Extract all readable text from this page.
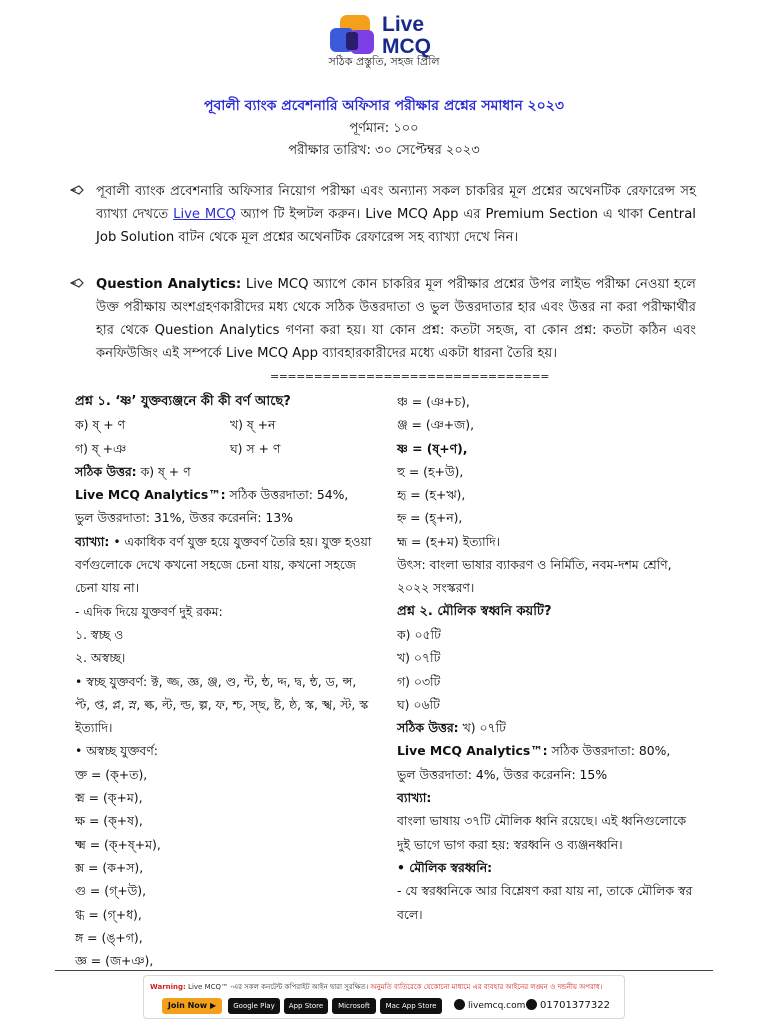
Live
MCQ
সঠিক প্রস্তুতি, সহজ প্রিলি
পূবালী ব্যাংক প্রবেশনারি অফিসার পরীক্ষার প্রশ্নের সমাধান ২০২৩
পূর্ণমান: ১০০
পরীক্ষার তারিখ: ৩০ সেপ্টেম্বর ২০২৩
পূবালী ব্যাংক প্রবেশনারি অফিসার নিয়োগ পরীক্ষা এবং অন্যান্য সকল চাকরির মূল প্রশ্নের অথেনটিক রেফারেন্স সহ ব্যাখ্যা দেখতে Live MCQ অ্যাপ টি ইন্সটল করুন। Live MCQ App এর Premium Section এ থাকা Central Job Solution বাটন থেকে মূল প্রশ্নের অথেনটিক রেফারেন্স সহ ব্যাখ্যা দেখে নিন।
Question Analytics: Live MCQ অ্যাপে কোন চাকরির মূল পরীক্ষার প্রশ্নের উপর লাইভ পরীক্ষা নেওয়া হলে উক্ত পরীক্ষায় অংশগ্রহণকারীদের মধ্য থেকে সঠিক উত্তরদাতা ও ভুল উত্তরদাতার হার এবং উত্তর না করা পরীক্ষার্থীর হার থেকে Question Analytics গণনা করা হয়। যা কোন প্রশ্ন: কতটা সহজ, বা কোন প্রশ্ন: কতটা কঠিন এবং কনফিউজিং এই সম্পর্কে Live MCQ App ব্যাবহারকারীদের মধ্যে একটা ধারনা তৈরি হয়।
================================
প্রশ্ন ১. ‘ষ্ণ’ যুক্তব্যঞ্জনে কী কী বর্ণ আছে?
ক) ষ্ + ণ	খ) ষ্ +ন
গ) ষ্ +ঞ	ঘ) স + ণ
সঠিক উত্তর: ক) ষ্ + ণ
Live MCQ Analytics™: সঠিক উত্তরদাতা: 54%,
ভুল উত্তরদাতা: 31%, উত্তর করেননি: 13%
ব্যাখ্যা: • একাধিক বর্ণ যুক্ত হয়ে যুক্তবর্ণ তৈরি হয়। যুক্ত হওয়া বর্ণগুলোকে দেখে কখনো সহজে চেনা যায়, কখনো সহজে চেনা যায় না।
- এদিক দিয়ে যুক্তবর্ণ দুই রকম:
১. স্বচ্ছ ও
২. অস্বচ্ছ।
• স্বচ্ছ যুক্তবর্ণ: ক্ট, জ্জ, জ্ঞ, ঞ্জ, ণ্ড, ন্ট, ন্ঠ, দ্দ, দ্ব, ন্ঠ, ড, ন্স, প্ট, প্ত, প্ল, স্ন, ল্ক, ল্ট, ল্ড, ল্প, ফ, শ্চ, স্ছ, ষ্ট, ষ্ঠ, স্ক, স্খ, স্ট, স্ক ইত্যাদি।
• অস্বচ্ছ যুক্তবর্ণ:
ক্ত = (ক্+ত),
ক্ম = (ক্+ম),
ক্ষ = (ক্+ষ),
ক্ষ্ম = (ক্+ষ্+ম),
ক্স = (ক+স),
গু = (গ্+উ),
গ্ধ = (গ্+ধ),
ঙ্গ = (ঙ্+গ),
জ্ঞ = (জ+ঞ),
ঞ্চ = (ঞ+চ),
ঞ্জ = (ঞ+জ),
ষ্ণ = (ষ্+ণ),
হু = (হ+উ),
হৃ = (হ+ঋ),
হ্ন = (হ্+ন),
হ্ম = (হ+ম) ইত্যাদি।
উৎস: বাংলা ভাষার ব্যাকরণ ও নির্মিতি, নবম-দশম শ্রেণি, ২০২২ সংস্করণ।
প্রশ্ন ২. মৌলিক স্বধ্বনি কয়টি?
ক) ০৫টি
খ) ০৭টি
গ) ০৩টি
ঘ) ০৬টি
সঠিক উত্তর: খ) ০৭টি
Live MCQ Analytics™: সঠিক উত্তরদাতা: 80%,
ভুল উত্তরদাতা: 4%, উত্তর করেননি: 15%
ব্যাখ্যা:
বাংলা ভাষায় ৩৭টি মৌলিক ধ্বনি রয়েছে। এই ধ্বনিগুলোকে দুই ভাগে ভাগ করা হয়: স্বরধ্বনি ও ব্যঞ্জনধ্বনি।
• মৌলিক স্বরধ্বনি:
- যে স্বরধ্বনিকে আর বিশ্লেষণ করা যায় না, তাকে মৌলিক স্বর বলে।
Warning: Live MCQ™ -এর সকল কনটেন্ট কপিরাইট আইন দ্বারা সুরক্ষিত। অনুমতি ব্যতিরেকে যেকোনো মাধ্যমে এর ব্যবহার আইনের লঙ্ঘন ও দন্ডনীয় অপরাধ।
Join Now ▶	Google Play	App Store	Microsoft	Mac App Store	livemcq.com	01701377322
